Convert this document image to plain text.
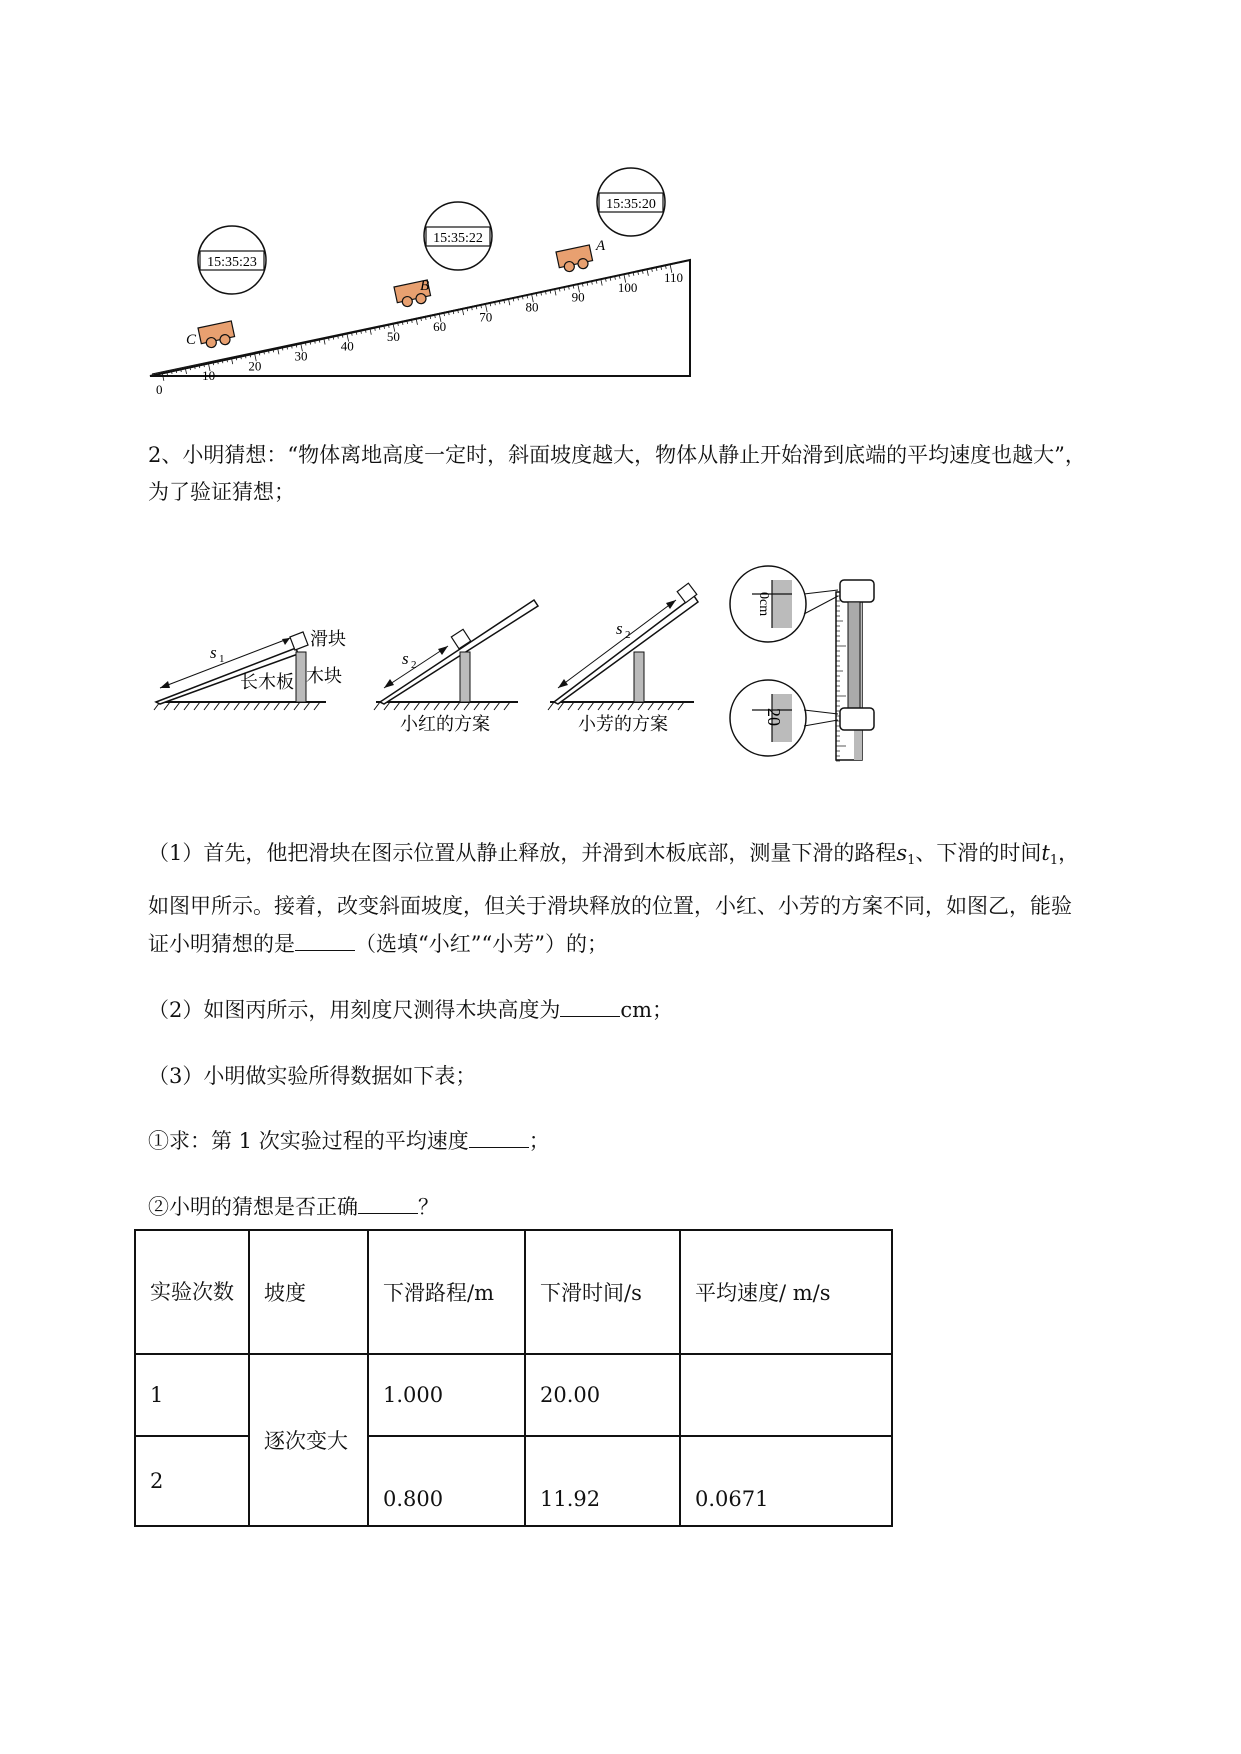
0
10
20
30
40
50
60
70
80
90
100
110
C
B
A
15:35:23
15:35:22
15:35:20
2、小明猜想：“物体离地高度一定时，斜面坡度越大，物体从静止开始滑到底端的平均速度也越大”，
为了验证猜想；
s 1
滑块
长木板 木块
s 2
小红的方案
s 2
小芳的方案
0cm
20
（1）首先，他把滑块在图示位置从静止释放，并滑到木板底部，测量下滑的路程$s_1$、下滑的时间$t_1$，
如图甲所示。接着，改变斜面坡度，但关于滑块释放的位置，小红、小芳的方案不同，如图乙，能验
证小明猜想的是	（选填“小红”“小芳”）的；
（2）如图丙所示，用刻度尺测得木块高度为	cm；
（3）小明做实验所得数据如下表；
①求：第 1 次实验过程的平均速度	；
②小明的猜想是否正确	？
实验次数	坡度	下滑路程/m	下滑时间/s	平均速度/ m/s
1	逐次变大	1.000	20.00	
2		0.800	11.92	0.0671
